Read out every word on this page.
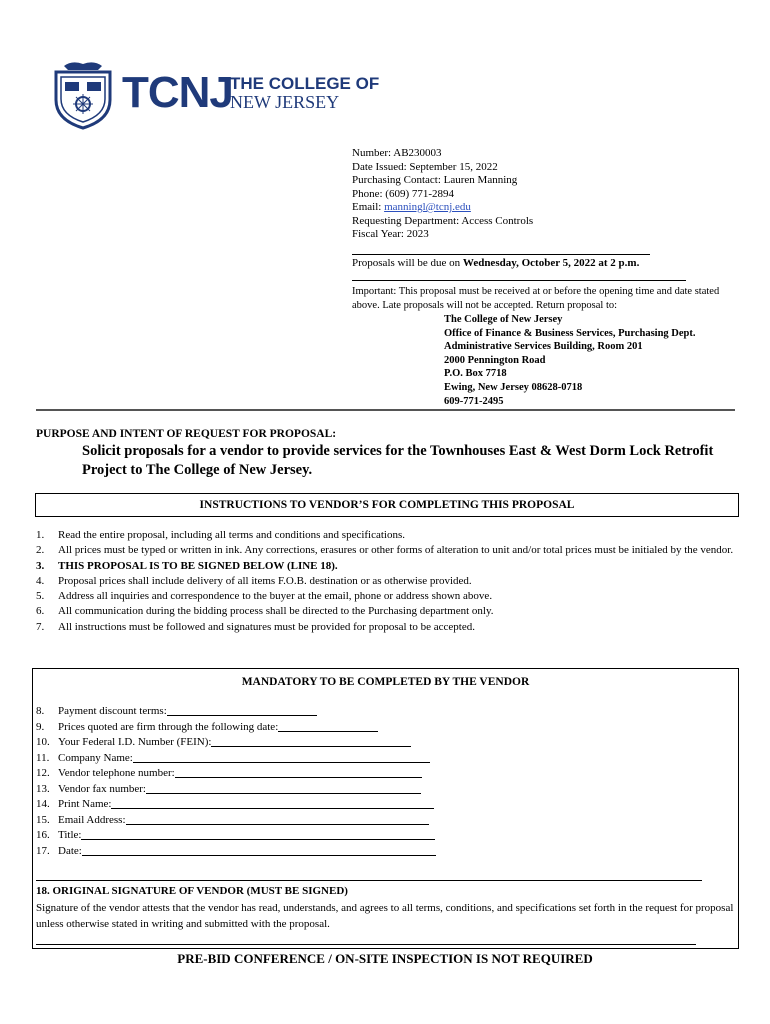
TCNJ
THE COLLEGE OF
NEW JERSEY
Number: AB230003
Date Issued: September 15, 2022
Purchasing Contact: Lauren Manning
Phone: (609) 771-2894
Email: manningl@tcnj.edu
Requesting Department: Access Controls
Fiscal Year: 2023
Proposals will be due on Wednesday, October 5, 2022 at 2 p.m.
Important: This proposal must be received at or before the opening time and date stated above. Late proposals will not be accepted. Return proposal to:
The College of New Jersey
Office of Finance & Business Services, Purchasing Dept.
Administrative Services Building, Room 201
2000 Pennington Road
P.O. Box 7718
Ewing, New Jersey 08628-0718
609-771-2495
PURPOSE AND INTENT OF REQUEST FOR PROPOSAL:
Solicit proposals for a vendor to provide services for the Townhouses East & West Dorm Lock Retrofit Project to The College of New Jersey.
INSTRUCTIONS TO VENDOR’S FOR COMPLETING THIS PROPOSAL
1.	Read the entire proposal, including all terms and conditions and specifications.
2.	All prices must be typed or written in ink. Any corrections, erasures or other forms of alteration to unit and/or total prices must be initialed by the vendor.
3.	THIS PROPOSAL IS TO BE SIGNED BELOW (LINE 18).
4.	Proposal prices shall include delivery of all items F.O.B. destination or as otherwise provided.
5.	Address all inquiries and correspondence to the buyer at the email, phone or address shown above.
6.	All communication during the bidding process shall be directed to the Purchasing department only.
7.	All instructions must be followed and signatures must be provided for proposal to be accepted.
MANDATORY TO BE COMPLETED BY THE VENDOR
8.	Payment discount terms:
9.	Prices quoted are firm through the following date:
10. Your Federal I.D. Number (FEIN):
11. Company Name:
12. Vendor telephone number:
13. Vendor fax number:
14. Print Name:
15. Email Address:
16. Title:
17. Date:
18. ORIGINAL SIGNATURE OF VENDOR (MUST BE SIGNED)
Signature of the vendor attests that the vendor has read, understands, and agrees to all terms, conditions, and specifications set forth in the request for proposal unless otherwise stated in writing and submitted with the proposal.
PRE-BID CONFERENCE / ON-SITE INSPECTION IS NOT REQUIRED
